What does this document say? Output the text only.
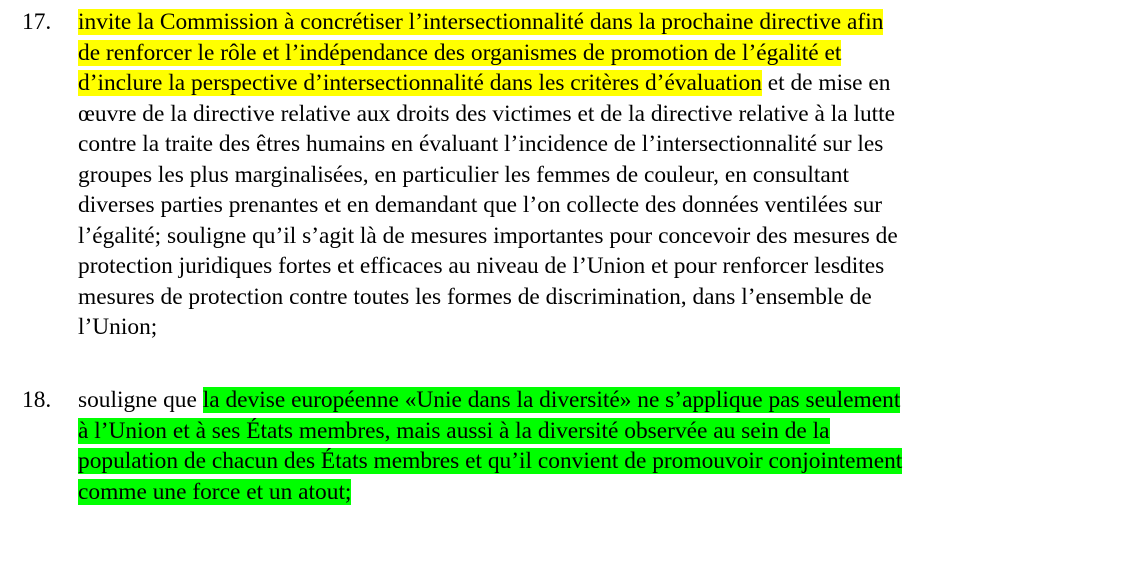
17. invite la Commission à concrétiser l’intersectionnalité dans la prochaine directive afin
de renforcer le rôle et l’indépendance des organismes de promotion de l’égalité et
d’inclure la perspective d’intersectionnalité dans les critères d’évaluation et de mise en
œuvre de la directive relative aux droits des victimes et de la directive relative à la lutte
contre la traite des êtres humains en évaluant l’incidence de l’intersectionnalité sur les
groupes les plus marginalisées, en particulier les femmes de couleur, en consultant
diverses parties prenantes et en demandant que l’on collecte des données ventilées sur
l’égalité; souligne qu’il s’agit là de mesures importantes pour concevoir des mesures de
protection juridiques fortes et efficaces au niveau de l’Union et pour renforcer lesdites
mesures de protection contre toutes les formes de discrimination, dans l’ensemble de
l’Union;
18. souligne que la devise européenne «Unie dans la diversité» ne s’applique pas seulement
à l’Union et à ses États membres, mais aussi à la diversité observée au sein de la
population de chacun des États membres et qu’il convient de promouvoir conjointement
comme une force et un atout;
